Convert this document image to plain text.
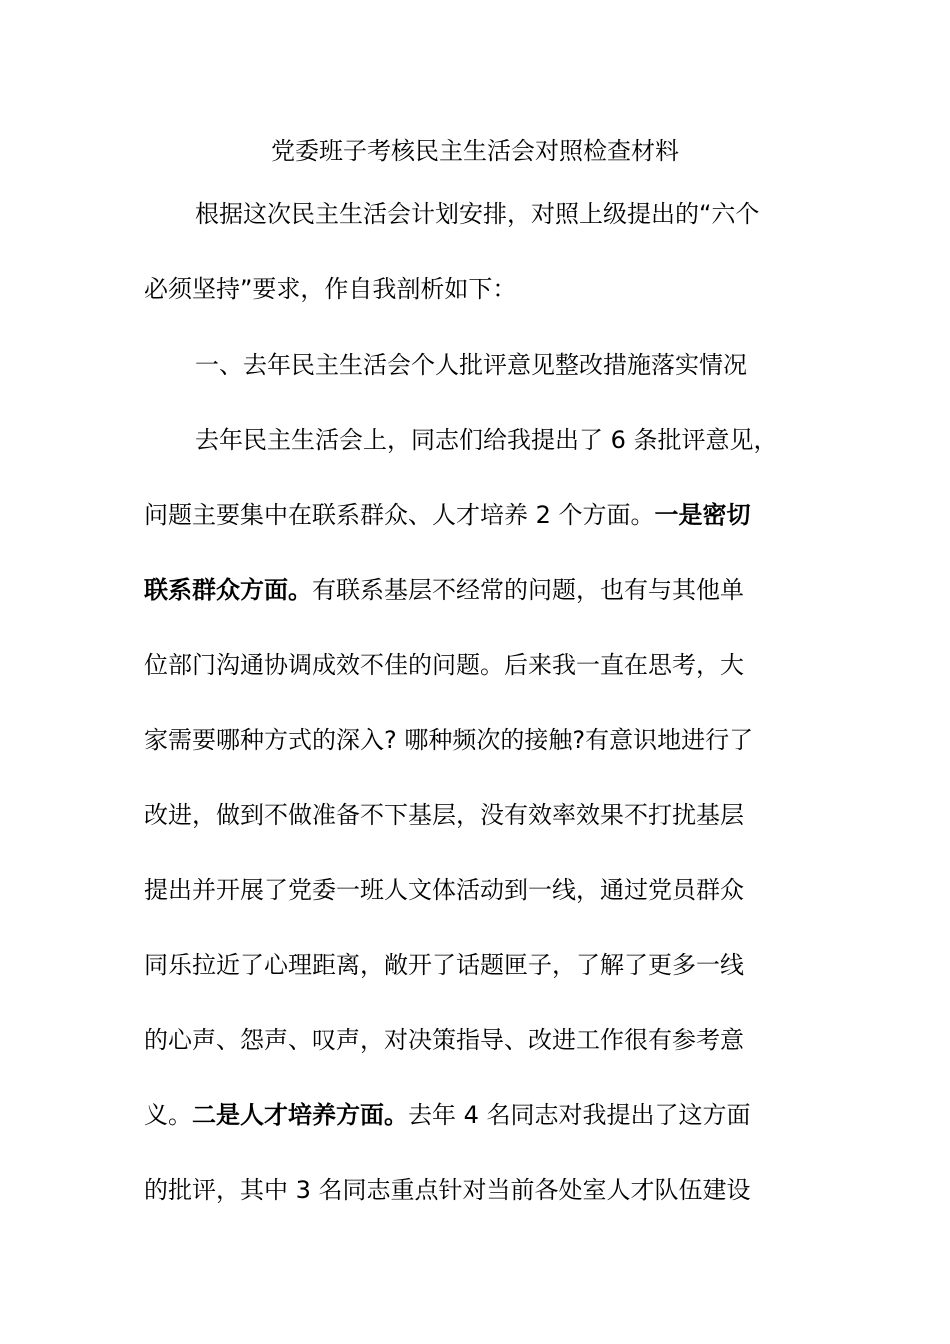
党委班子考核民主生活会对照检查材料
根据这次民主生活会计划安排，对照上级提出的“六个
必须坚持”要求，作自我剖析如下：
一、去年民主生活会个人批评意见整改措施落实情况
去年民主生活会上，同志们给我提出了 6 条批评意见，
问题主要集中在联系群众、人才培养 2 个方面。一是密切
联系群众方面。有联系基层不经常的问题，也有与其他单
位部门沟通协调成效不佳的问题。后来我一直在思考，大
家需要哪种方式的深入? 哪种频次的接触?有意识地进行了
改进，做到不做准备不下基层，没有效率效果不打扰基层
提出并开展了党委一班人文体活动到一线，通过党员群众
同乐拉近了心理距离，敞开了话题匣子，了解了更多一线
的心声、怨声、叹声，对决策指导、改进工作很有参考意
义。二是人才培养方面。去年 4 名同志对我提出了这方面
的批评，其中 3 名同志重点针对当前各处室人才队伍建设
